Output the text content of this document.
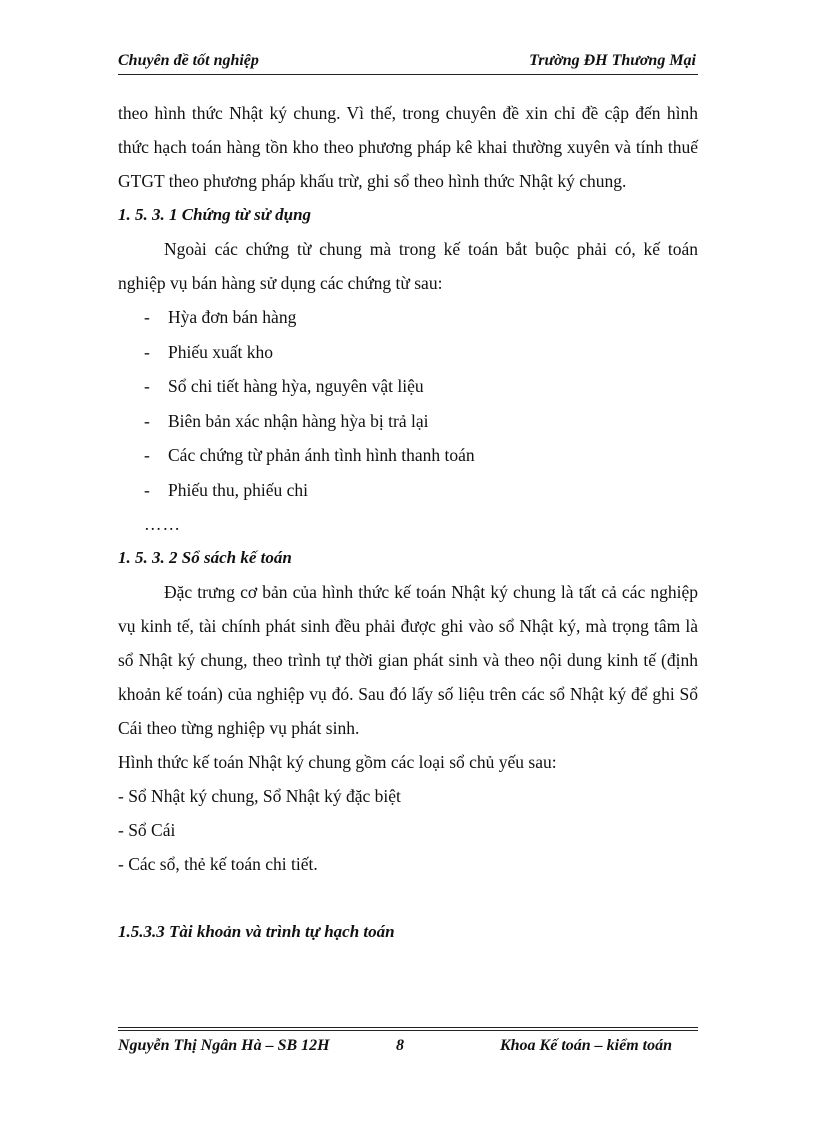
Chuyên đề tốt nghiệp	Trường ĐH Thương Mại

theo hình thức Nhật ký chung. Vì thế, trong chuyên đề xin chỉ đề cập đến hình thức hạch toán hàng tồn kho theo phương pháp kê khai thường xuyên và tính thuế GTGT theo phương pháp khấu trừ, ghi sổ theo hình thức Nhật ký chung.

1. 5. 3. 1 Chứng từ sử dụng

Ngoài các chứng từ chung mà trong kế toán bắt buộc phải có, kế toán nghiệp vụ bán hàng sử dụng các chứng từ sau:

- Hỳa đơn bán hàng

- Phiếu xuất kho

- Sổ chi tiết hàng hỳa, nguyên vật liệu

- Biên bản xác nhận hàng hỳa bị trả lại

- Các chứng từ phản ánh tình hình thanh toán

- Phiếu thu, phiếu chi

……

1. 5. 3. 2 Sổ sách kế toán

Đặc trưng cơ bản của hình thức kế toán Nhật ký chung là tất cả các nghiệp vụ kinh tế, tài chính phát sinh đều phải được ghi vào sổ Nhật ký, mà trọng tâm là sổ Nhật ký chung, theo trình tự thời gian phát sinh và theo nội dung kinh tế (định khoản kế toán) của nghiệp vụ đó. Sau đó lấy số liệu trên các sổ Nhật ký để ghi Sổ Cái theo từng nghiệp vụ phát sinh.

Hình thức kế toán Nhật ký chung gồm các loại sổ chủ yếu sau:

- Sổ Nhật ký chung, Sổ Nhật ký đặc biệt

- Sổ Cái

- Các sổ, thẻ kế toán chi tiết.

1.5.3.3 Tài khoản và trình tự hạch toán

Nguyễn Thị Ngân Hà – SB 12H	8	Khoa Kế toán – kiểm toán
